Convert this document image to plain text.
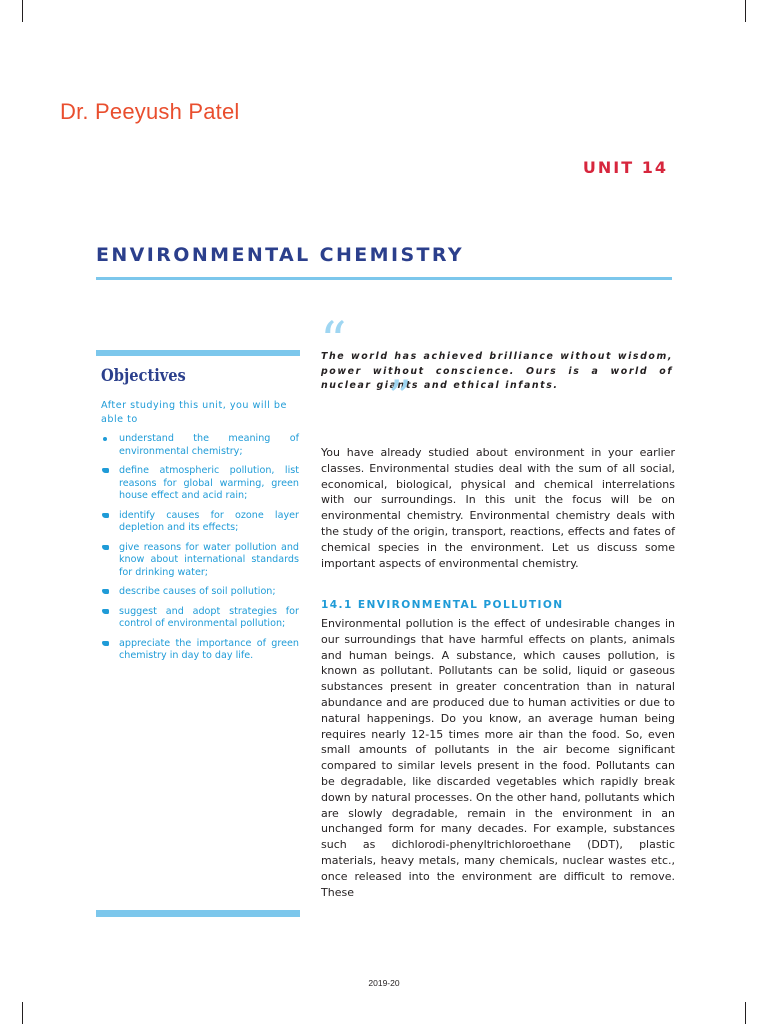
Dr. Peeyush Patel
UNIT 14
ENVIRONMENTAL CHEMISTRY
Objectives
After studying this unit, you will be able to
understand the meaning of environmental chemistry;
define atmospheric pollution, list reasons for global warming, green house effect and acid rain;
identify causes for ozone layer depletion and its effects;
give reasons for water pollution and know about international standards for drinking water;
describe causes of soil pollution;
suggest and adopt strategies for control of environmental pollution;
appreciate the importance of green chemistry in day to day life.
“
The world has achieved brilliance without wisdom, power without conscience. Ours is a world of nuclear giants and ethical infants.
”

You have already studied about environment in your earlier classes. Environmental studies deal with the sum of all social, economical, biological, physical and chemical interrelations with our surroundings. In this unit the focus will be on environmental chemistry. Environmental chemistry deals with the study of the origin, transport, reactions, effects and fates of chemical species in the environment. Let us discuss some important aspects of environmental chemistry.

14.1 ENVIRONMENTAL POLLUTION

Environmental pollution is the effect of undesirable changes in our surroundings that have harmful effects on plants, animals and human beings. A substance, which causes pollution, is known as pollutant. Pollutants can be solid, liquid or gaseous substances present in greater concentration than in natural abundance and are produced due to human activities or due to natural happenings. Do you know, an average human being requires nearly 12-15 times more air than the food. So, even small amounts of pollutants in the air become significant compared to similar levels present in the food. Pollutants can be degradable, like discarded vegetables which rapidly break down by natural processes. On the other hand, pollutants which are slowly degradable, remain in the environment in an unchanged form for many decades. For example, substances such as dichlorodi-phenyltrichloroethane (DDT), plastic materials, heavy metals, many chemicals, nuclear wastes etc., once released into the environment are difficult to remove. These

2019-20
